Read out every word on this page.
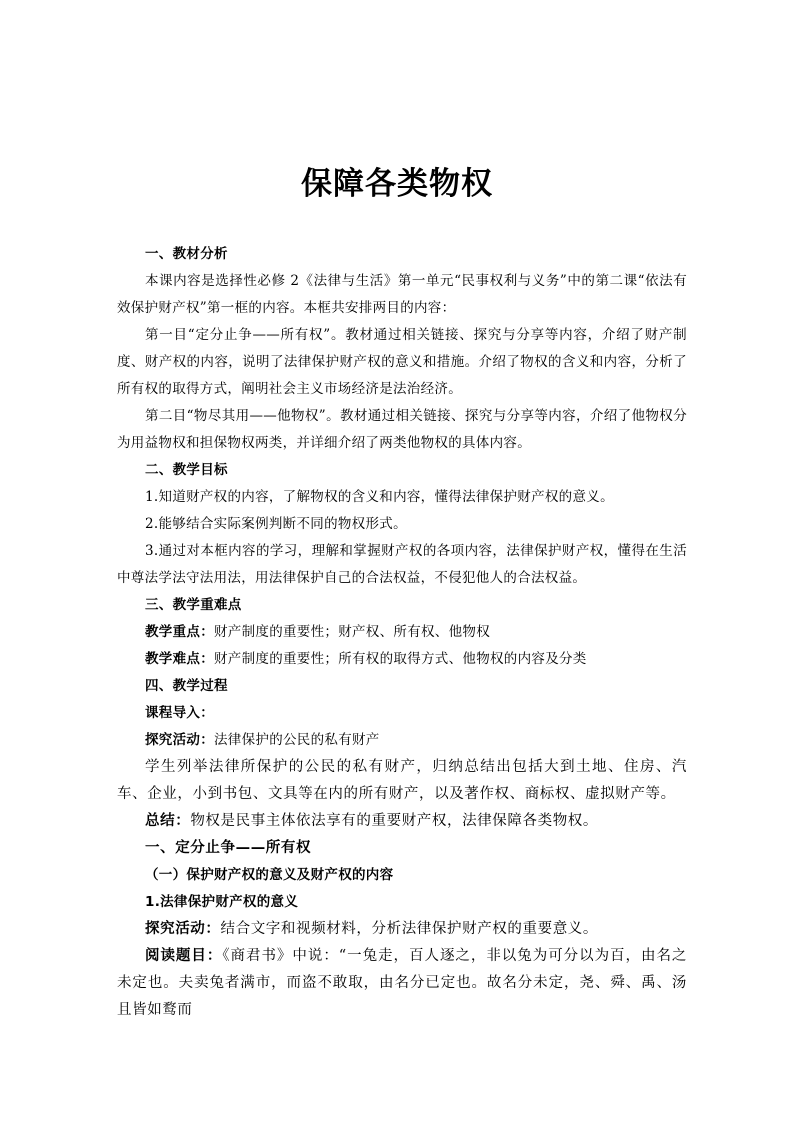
保障各类物权

一、教材分析

本课内容是选择性必修 2《法律与生活》第一单元“民事权利与义务”中的第二课“依法有效保护财产权”第一框的内容。本框共安排两目的内容：

第一目“定分止争——所有权”。教材通过相关链接、探究与分享等内容，介绍了财产制度、财产权的内容，说明了法律保护财产权的意义和措施。介绍了物权的含义和内容，分析了所有权的取得方式，阐明社会主义市场经济是法治经济。

第二目“物尽其用——他物权”。教材通过相关链接、探究与分享等内容，介绍了他物权分为用益物权和担保物权两类，并详细介绍了两类他物权的具体内容。

二、教学目标

1.知道财产权的内容，了解物权的含义和内容，懂得法律保护财产权的意义。

2.能够结合实际案例判断不同的物权形式。

3.通过对本框内容的学习，理解和掌握财产权的各项内容，法律保护财产权，懂得在生活中尊法学法守法用法，用法律保护自己的合法权益，不侵犯他人的合法权益。

三、教学重难点

教学重点：财产制度的重要性；财产权、所有权、他物权

教学难点：财产制度的重要性；所有权的取得方式、他物权的内容及分类

四、教学过程

课程导入：

探究活动：法律保护的公民的私有财产

学生列举法律所保护的公民的私有财产，归纳总结出包括大到土地、住房、汽车、企业，小到书包、文具等在内的所有财产，以及著作权、商标权、虚拟财产等。

总结：物权是民事主体依法享有的重要财产权，法律保障各类物权。

一、定分止争——所有权

（一）保护财产权的意义及财产权的内容

1.法律保护财产权的意义

探究活动：结合文字和视频材料，分析法律保护财产权的重要意义。

阅读题目：《商君书》中说：“一兔走，百人逐之，非以兔为可分以为百，由名之未定也。夫卖兔者满市，而盗不敢取，由名分已定也。故名分未定，尧、舜、禹、汤且皆如鹜而
